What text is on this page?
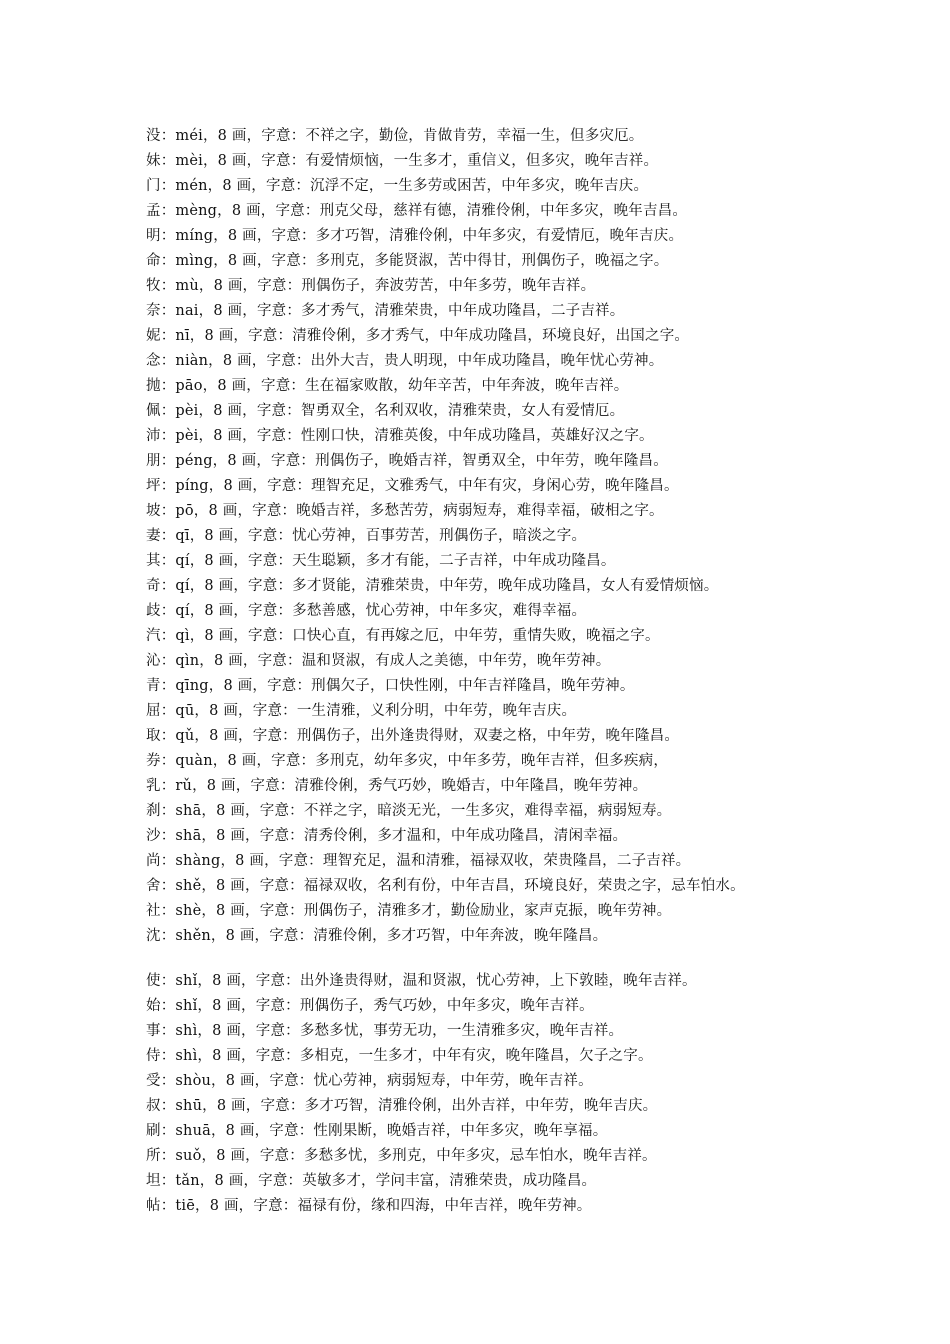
没：méi，8 画，字意：不祥之字，勤俭，肯做肯劳，幸福一生，但多灾厄。
妹：mèi，8 画，字意：有爱情烦恼，一生多才，重信义，但多灾，晚年吉祥。
门：mén，8 画，字意：沉浮不定，一生多劳或困苦，中年多灾，晚年吉庆。
孟：mèng，8 画，字意：刑克父母，慈祥有德，清雅伶俐，中年多灾，晚年吉昌。
明：míng，8 画，字意：多才巧智，清雅伶俐，中年多灾，有爱情厄，晚年吉庆。
命：mìng，8 画，字意：多刑克，多能贤淑，苦中得甘，刑偶伤子，晚福之字。
牧：mù，8 画，字意：刑偶伤子，奔波劳苦，中年多劳，晚年吉祥。
奈：nai，8 画，字意：多才秀气，清雅荣贵，中年成功隆昌，二子吉祥。
妮：nī，8 画，字意：清雅伶俐，多才秀气，中年成功隆昌，环境良好，出国之字。
念：niàn，8 画，字意：出外大吉，贵人明现，中年成功隆昌，晚年忧心劳神。
抛：pāo，8 画，字意：生在福家败散，幼年辛苦，中年奔波，晚年吉祥。
佩：pèi，8 画，字意：智勇双全，名利双收，清雅荣贵，女人有爱情厄。
沛：pèi，8 画，字意：性刚口快，清雅英俊，中年成功隆昌，英雄好汉之字。
朋：péng，8 画，字意：刑偶伤子，晚婚吉祥，智勇双全，中年劳，晚年隆昌。
坪：píng，8 画，字意：理智充足，文雅秀气，中年有灾，身闲心劳，晚年隆昌。
坡：pō，8 画，字意：晚婚吉祥，多愁苦劳，病弱短寿，难得幸福，破相之字。
妻：qī，8 画，字意：忧心劳神，百事劳苦，刑偶伤子，暗淡之字。
其：qí，8 画，字意：天生聪颖，多才有能，二子吉祥，中年成功隆昌。
奇：qí，8 画，字意：多才贤能，清雅荣贵，中年劳，晚年成功隆昌，女人有爱情烦恼。
歧：qí，8 画，字意：多愁善感，忧心劳神，中年多灾，难得幸福。
汽：qì，8 画，字意：口快心直，有再嫁之厄，中年劳，重情失败，晚福之字。
沁：qìn，8 画，字意：温和贤淑，有成人之美德，中年劳，晚年劳神。
青：qīng，8 画，字意：刑偶欠子，口快性刚，中年吉祥隆昌，晚年劳神。
屈：qū，8 画，字意：一生清雅，义利分明，中年劳，晚年吉庆。
取：qǔ，8 画，字意：刑偶伤子，出外逢贵得财，双妻之格，中年劳，晚年隆昌。
券：quàn，8 画，字意：多刑克，幼年多灾，中年多劳，晚年吉祥，但多疾病，
乳：rǔ，8 画，字意：清雅伶俐，秀气巧妙，晚婚吉，中年隆昌，晚年劳神。
刹：shā，8 画，字意：不祥之字，暗淡无光，一生多灾，难得幸福，病弱短寿。
沙：shā，8 画，字意：清秀伶俐，多才温和，中年成功隆昌，清闲幸福。
尚：shàng，8 画，字意：理智充足，温和清雅，福禄双收，荣贵隆昌，二子吉祥。
舍：shě，8 画，字意：福禄双收，名利有份，中年吉昌，环境良好，荣贵之字，忌车怕水。
社：shè，8 画，字意：刑偶伤子，清雅多才，勤俭励业，家声克振，晚年劳神。
沈：shěn，8 画，字意：清雅伶俐，多才巧智，中年奔波，晚年隆昌。
使：shǐ，8 画，字意：出外逢贵得财，温和贤淑，忧心劳神，上下敦睦，晚年吉祥。
始：shǐ，8 画，字意：刑偶伤子，秀气巧妙，中年多灾，晚年吉祥。
事：shì，8 画，字意：多愁多忧，事劳无功，一生清雅多灾，晚年吉祥。
侍：shì，8 画，字意：多相克，一生多才，中年有灾，晚年隆昌，欠子之字。
受：shòu，8 画，字意：忧心劳神，病弱短寿，中年劳，晚年吉祥。
叔：shū，8 画，字意：多才巧智，清雅伶俐，出外吉祥，中年劳，晚年吉庆。
刷：shuā，8 画，字意：性刚果断，晚婚吉祥，中年多灾，晚年享福。
所：suǒ，8 画，字意：多愁多忧，多刑克，中年多灾，忌车怕水，晚年吉祥。
坦：tǎn，8 画，字意：英敏多才，学问丰富，清雅荣贵，成功隆昌。
帖：tiē，8 画，字意：福禄有份，缘和四海，中年吉祥，晚年劳神。
